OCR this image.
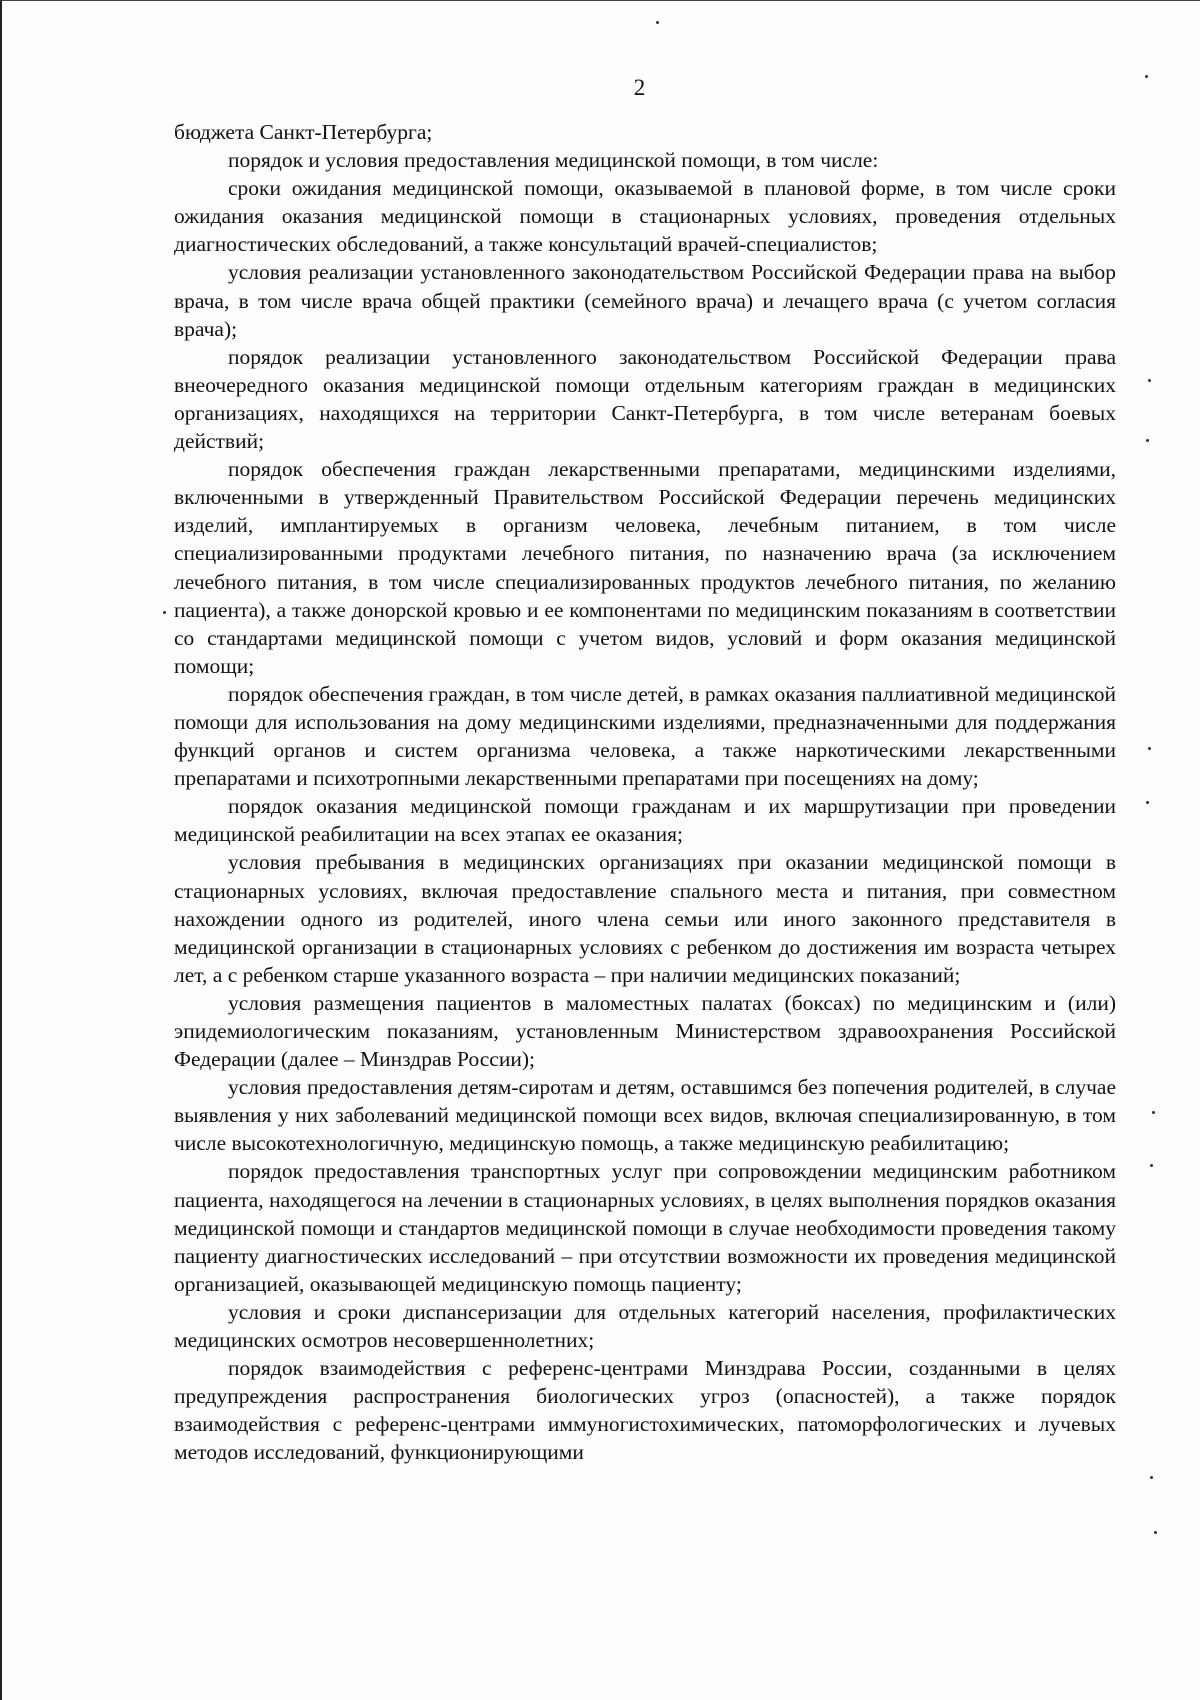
2

бюджета Санкт-Петербурга;

порядок и условия предоставления медицинской помощи, в том числе:

сроки ожидания медицинской помощи, оказываемой в плановой форме, в том числе сроки ожидания оказания медицинской помощи в стационарных условиях, проведения отдельных диагностических обследований, а также консультаций врачей-специалистов;

условия реализации установленного законодательством Российской Федерации права на выбор врача, в том числе врача общей практики (семейного врача) и лечащего врача (с учетом согласия врача);

порядок реализации установленного законодательством Российской Федерации права внеочередного оказания медицинской помощи отдельным категориям граждан в медицинских организациях, находящихся на территории Санкт-Петербурга, в том числе ветеранам боевых действий;

порядок обеспечения граждан лекарственными препаратами, медицинскими изделиями, включенными в утвержденный Правительством Российской Федерации перечень медицинских изделий, имплантируемых в организм человека, лечебным питанием, в том числе специализированными продуктами лечебного питания, по назначению врача (за исключением лечебного питания, в том числе специализированных продуктов лечебного питания, по желанию пациента), а также донорской кровью и ее компонентами по медицинским показаниям в соответствии со стандартами медицинской помощи с учетом видов, условий и форм оказания медицинской помощи;

порядок обеспечения граждан, в том числе детей, в рамках оказания паллиативной медицинской помощи для использования на дому медицинскими изделиями, предназначенными для поддержания функций органов и систем организма человека, а также наркотическими лекарственными препаратами и психотропными лекарственными препаратами при посещениях на дому;

порядок оказания медицинской помощи гражданам и их маршрутизации при проведении медицинской реабилитации на всех этапах ее оказания;

условия пребывания в медицинских организациях при оказании медицинской помощи в стационарных условиях, включая предоставление спального места и питания, при совместном нахождении одного из родителей, иного члена семьи или иного законного представителя в медицинской организации в стационарных условиях с ребенком до достижения им возраста четырех лет, а с ребенком старше указанного возраста – при наличии медицинских показаний;

условия размещения пациентов в маломестных палатах (боксах) по медицинским и (или) эпидемиологическим показаниям, установленным Министерством здравоохранения Российской Федерации (далее – Минздрав России);

условия предоставления детям-сиротам и детям, оставшимся без попечения родителей, в случае выявления у них заболеваний медицинской помощи всех видов, включая специализированную, в том числе высокотехнологичную, медицинскую помощь, а также медицинскую реабилитацию;

порядок предоставления транспортных услуг при сопровождении медицинским работником пациента, находящегося на лечении в стационарных условиях, в целях выполнения порядков оказания медицинской помощи и стандартов медицинской помощи в случае необходимости проведения такому пациенту диагностических исследований – при отсутствии возможности их проведения медицинской организацией, оказывающей медицинскую помощь пациенту;

условия и сроки диспансеризации для отдельных категорий населения, профилактических медицинских осмотров несовершеннолетних;

порядок взаимодействия с референс-центрами Минздрава России, созданными в целях предупреждения распространения биологических угроз (опасностей), а также порядок взаимодействия с референс-центрами иммуногистохимических, патоморфологических и лучевых методов исследований, функционирующими
